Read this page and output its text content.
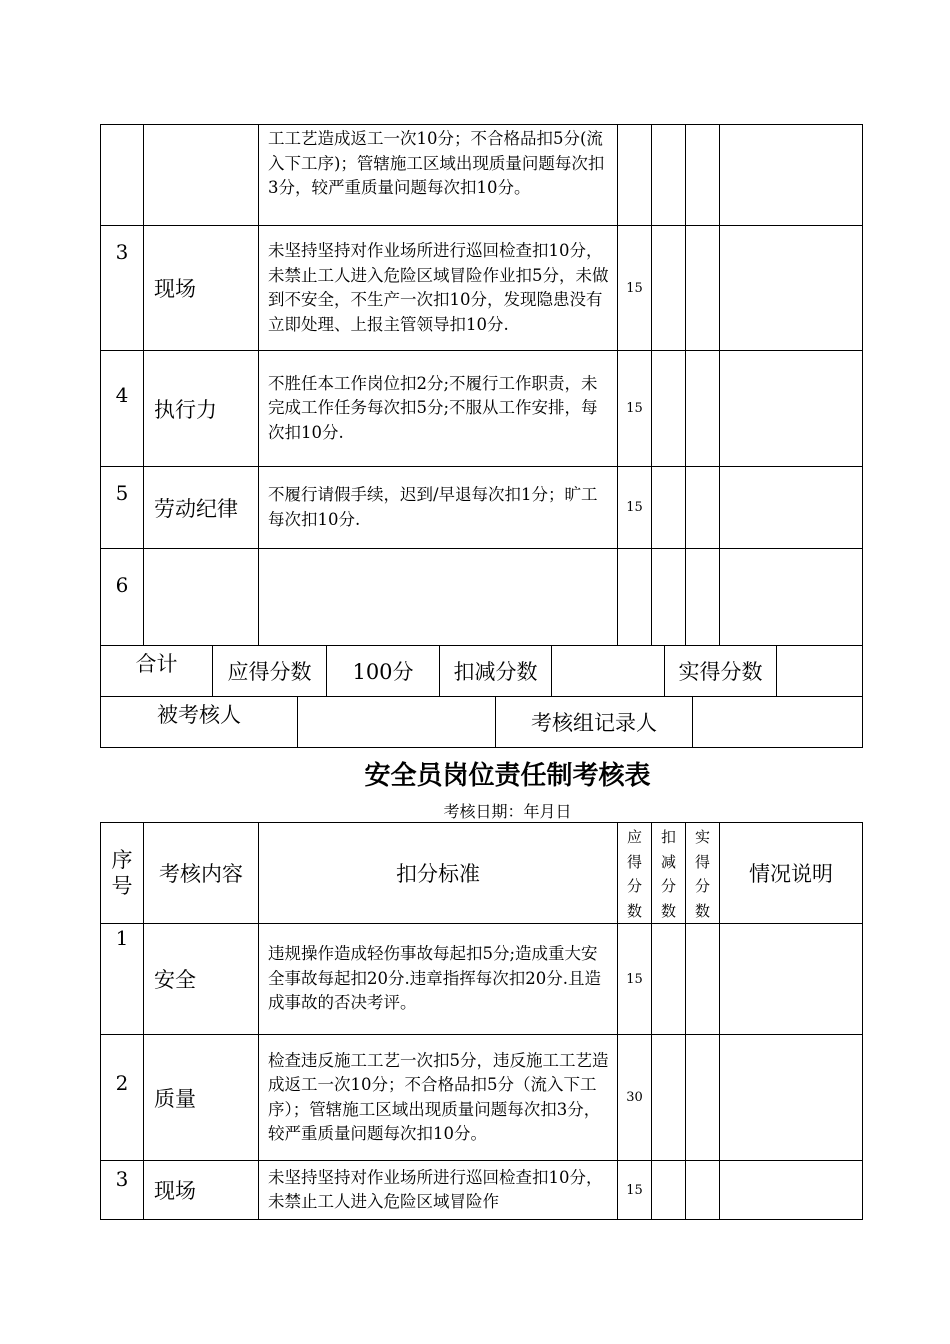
		工工艺造成返工一次10分；不合格品扣5分(流入下工序)；管辖施工区域出现质量问题每次扣3分，较严重质量问题每次扣10分。				
3	现场	未坚持坚持对作业场所进行巡回检查扣10分，未禁止工人进入危险区域冒险作业扣5分，未做到不安全，不生产一次扣10分，发现隐患没有立即处理、上报主管领导扣10分.	15			
4	执行力	不胜任本工作岗位扣2分;不履行工作职责，未完成工作任务每次扣5分;不服从工作安排，每次扣10分.	15			
5	劳动纪律	不履行请假手续，迟到/早退每次扣1分；旷工每次扣10分.	15			
6						
合计	应得分数	100分	扣减分数		实得分数	
被考核人		考核组记录人	
安全员岗位责任制考核表
考核日期：年月日
序号	考核内容	扣分标准	应得分数	扣减分数	实得分数	情况说明
1	安全	违规操作造成轻伤事故每起扣5分;造成重大安全事故每起扣20分.违章指挥每次扣20分.且造成事故的否决考评。	15			
2	质量	检查违反施工工艺一次扣5分，违反施工工艺造成返工一次10分；不合格品扣5分（流入下工序）；管辖施工区域出现质量问题每次扣3分，较严重质量问题每次扣10分。	30			
3	现场	未坚持坚持对作业场所进行巡回检查扣10分，未禁止工人进入危险区域冒险作	15			
